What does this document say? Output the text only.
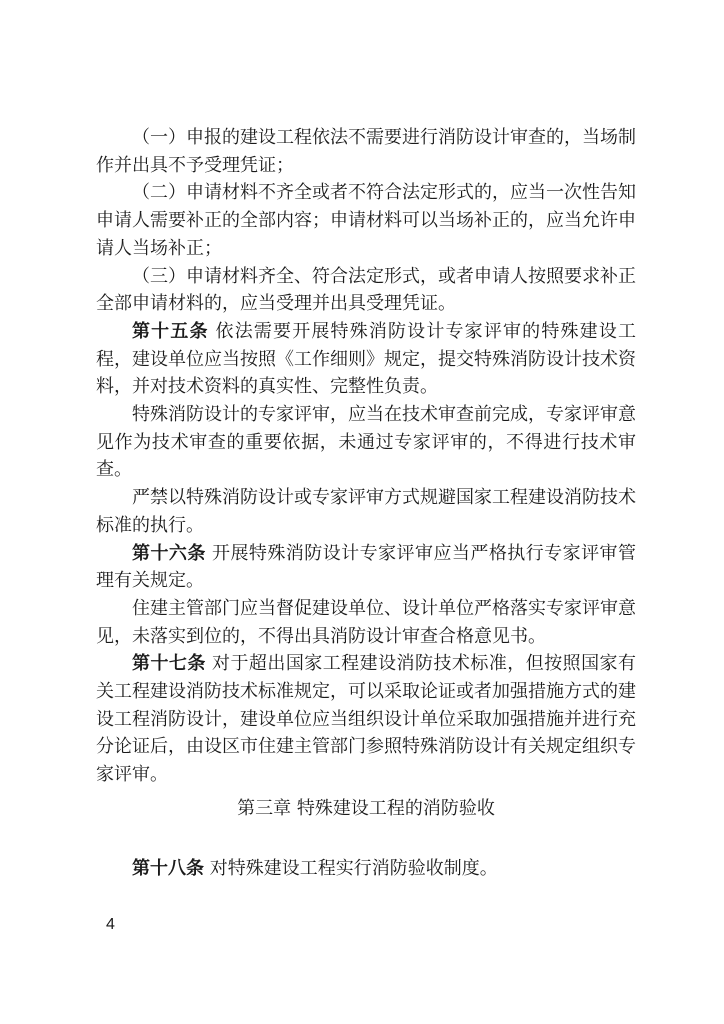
（一）申报的建设工程依法不需要进行消防设计审查的，当场制作并出具不予受理凭证；

（二）申请材料不齐全或者不符合法定形式的，应当一次性告知申请人需要补正的全部内容；申请材料可以当场补正的，应当允许申请人当场补正；

（三）申请材料齐全、符合法定形式，或者申请人按照要求补正全部申请材料的，应当受理并出具受理凭证。

第十五条 依法需要开展特殊消防设计专家评审的特殊建设工程，建设单位应当按照《工作细则》规定，提交特殊消防设计技术资料，并对技术资料的真实性、完整性负责。

特殊消防设计的专家评审，应当在技术审查前完成，专家评审意见作为技术审查的重要依据，未通过专家评审的，不得进行技术审查。

严禁以特殊消防设计或专家评审方式规避国家工程建设消防技术标准的执行。

第十六条 开展特殊消防设计专家评审应当严格执行专家评审管理有关规定。

住建主管部门应当督促建设单位、设计单位严格落实专家评审意见，未落实到位的，不得出具消防设计审查合格意见书。

第十七条 对于超出国家工程建设消防技术标准，但按照国家有关工程建设消防技术标准规定，可以采取论证或者加强措施方式的建设工程消防设计，建设单位应当组织设计单位采取加强措施并进行充分论证后，由设区市住建主管部门参照特殊消防设计有关规定组织专家评审。

第三章 特殊建设工程的消防验收

第十八条 对特殊建设工程实行消防验收制度。

4
